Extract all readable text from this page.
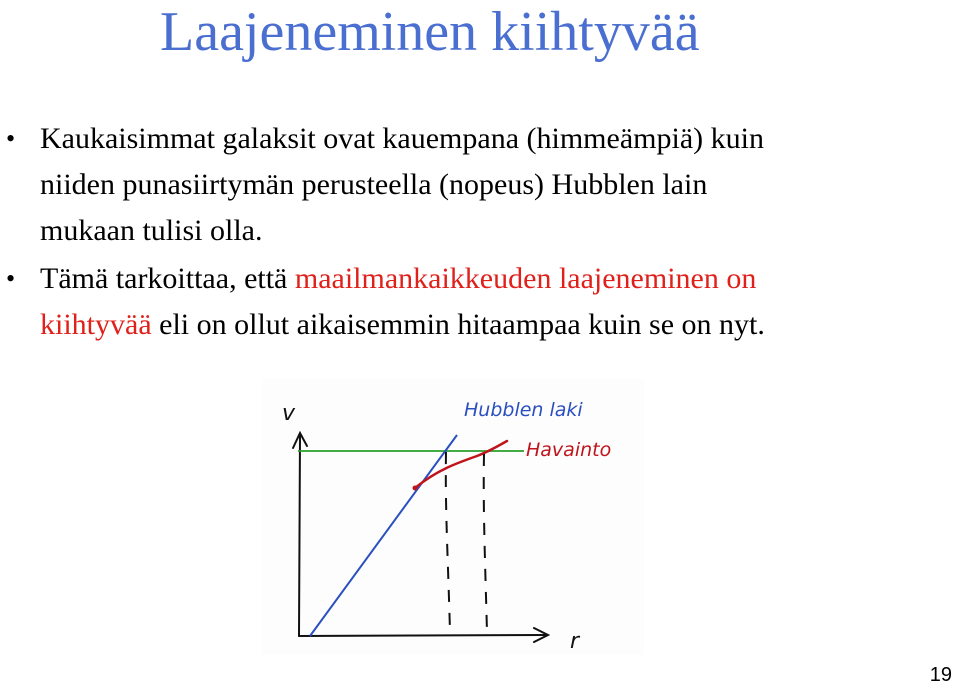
Laajeneminen kiihtyvää
• Kaukaisimmat galaksit ovat kauempana (himmeämpiä) kuin
niiden punasiirtymän perusteella (nopeus) Hubblen lain
mukaan tulisi olla.
• Tämä tarkoittaa, että maailmankaikkeuden laajeneminen on
kiihtyvää eli on ollut aikaisemmin hitaampaa kuin se on nyt.
v
r
Hubblen laki
Havainto
19
